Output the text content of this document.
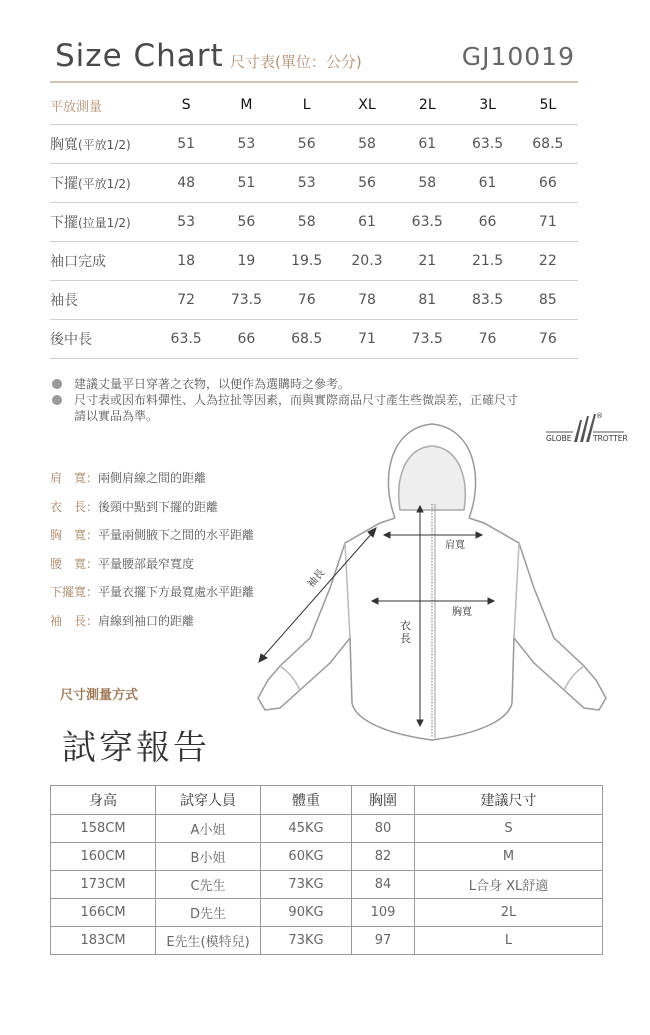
Size Chart 尺寸表(單位：公分)	GJ10019
平放測量	S	M	L	XL	2L	3L	5L
胸寬(平放1/2)	51	53	56	58	61	63.5	68.5
下擺(平放1/2)	48	51	53	56	58	61	66
下擺(拉量1/2)	53	56	58	61	63.5	66	71
袖口完成	18	19	19.5	20.3	21	21.5	22
袖長	72	73.5	76	78	81	83.5	85
後中長	63.5	66	68.5	71	73.5	76	76
建議丈量平日穿著之衣物，以便作為選購時之參考。
尺寸表或因布料彈性、人為拉扯等因素，而與實際商品尺寸產生些微誤差，正確尺寸請以實品為準。
肩　寬：兩側肩線之間的距離
衣　長：後頸中點到下擺的距離
胸　寬：平量兩側腋下之間的水平距離
腰　寬：平量腰部最窄寬度
下擺寬：平量衣擺下方最寬處水平距離
袖　長：肩線到袖口的距離
GLOBE	TROTTER
®
肩寬
胸寬
衣
長
袖長
尺寸測量方式
試穿報告
身高	試穿人員	體重	胸圍	建議尺寸
158CM	A小姐	45KG	80	S
160CM	B小姐	60KG	82	M
173CM	C先生	73KG	84	L合身 XL舒適
166CM	D先生	90KG	109	2L
183CM	E先生(模特兒)	73KG	97	L
